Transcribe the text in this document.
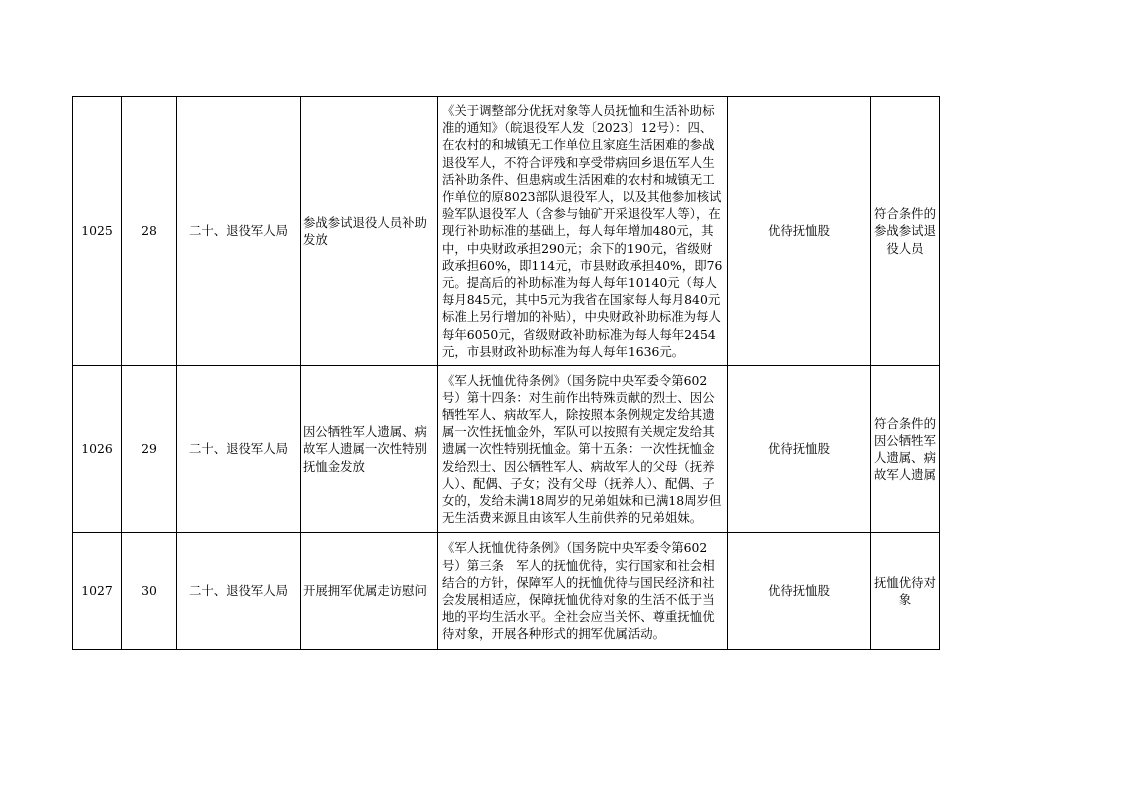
1025	28	二十、退役军人局	参战参试退役人员补助发放	《关于调整部分优抚对象等人员抚恤和生活补助标准的通知》（皖退役军人发〔2023〕12号）：四、在农村的和城镇无工作单位且家庭生活困难的参战退役军人，不符合评残和享受带病回乡退伍军人生活补助条件、但患病或生活困难的农村和城镇无工作单位的原8023部队退役军人，以及其他参加核试验军队退役军人（含参与铀矿开采退役军人等），在现行补助标准的基础上，每人每年增加480元，其中，中央财政承担290元；余下的190元，省级财政承担60%，即114元，市县财政承担40%，即76元。提高后的补助标准为每人每年10140元（每人每月845元，其中5元为我省在国家每人每月840元标准上另行增加的补贴），中央财政补助标准为每人每年6050元，省级财政补助标准为每人每年2454元，市县财政补助标准为每人每年1636元。	优待抚恤股	符合条件的参战参试退役人员
1026	29	二十、退役军人局	因公牺牲军人遗属、病故军人遗属一次性特别抚恤金发放	《军人抚恤优待条例》（国务院中央军委令第602号）第十四条：对生前作出特殊贡献的烈士、因公牺牲军人、病故军人，除按照本条例规定发给其遗属一次性抚恤金外，军队可以按照有关规定发给其遗属一次性特别抚恤金。第十五条：一次性抚恤金发给烈士、因公牺牲军人、病故军人的父母（抚养人）、配偶、子女；没有父母（抚养人）、配偶、子女的，发给未满18周岁的兄弟姐妹和已满18周岁但无生活费来源且由该军人生前供养的兄弟姐妹。	优待抚恤股	符合条件的因公牺牲军人遗属、病故军人遗属
1027	30	二十、退役军人局	开展拥军优属走访慰问	《军人抚恤优待条例》（国务院中央军委令第602号）第三条　军人的抚恤优待，实行国家和社会相结合的方针，保障军人的抚恤优待与国民经济和社会发展相适应，保障抚恤优待对象的生活不低于当地的平均生活水平。全社会应当关怀、尊重抚恤优待对象，开展各种形式的拥军优属活动。	优待抚恤股	抚恤优待对象
